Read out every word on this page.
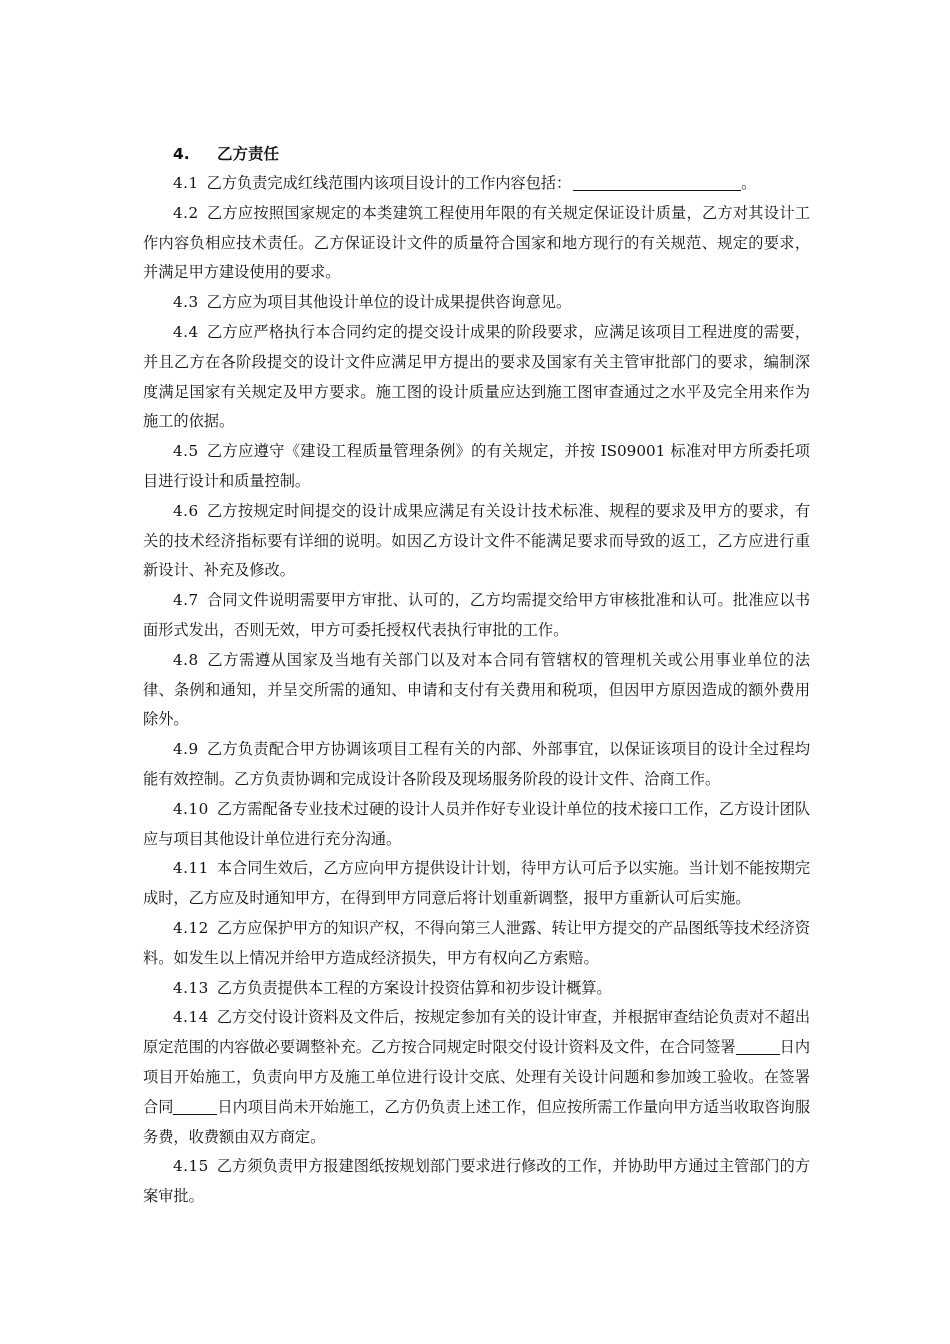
4. 乙方责任

4.1 乙方负责完成红线范围内该项目设计的工作内容包括：	。

4.2 乙方应按照国家规定的本类建筑工程使用年限的有关规定保证设计质量，乙方对其设计工作内容负相应技术责任。乙方保证设计文件的质量符合国家和地方现行的有关规范、规定的要求，并满足甲方建设使用的要求。

4.3 乙方应为项目其他设计单位的设计成果提供咨询意见。

4.4 乙方应严格执行本合同约定的提交设计成果的阶段要求，应满足该项目工程进度的需要，并且乙方在各阶段提交的设计文件应满足甲方提出的要求及国家有关主管审批部门的要求，编制深度满足国家有关规定及甲方要求。施工图的设计质量应达到施工图审查通过之水平及完全用来作为施工的依据。

4.5 乙方应遵守《建设工程质量管理条例》的有关规定，并按 IS09001 标准对甲方所委托项目进行设计和质量控制。

4.6 乙方按规定时间提交的设计成果应满足有关设计技术标准、规程的要求及甲方的要求，有关的技术经济指标要有详细的说明。如因乙方设计文件不能满足要求而导致的返工，乙方应进行重新设计、补充及修改。

4.7 合同文件说明需要甲方审批、认可的，乙方均需提交给甲方审核批准和认可。批准应以书面形式发出，否则无效，甲方可委托授权代表执行审批的工作。

4.8 乙方需遵从国家及当地有关部门以及对本合同有管辖权的管理机关或公用事业单位的法律、条例和通知，并呈交所需的通知、申请和支付有关费用和税项，但因甲方原因造成的额外费用除外。

4.9 乙方负责配合甲方协调该项目工程有关的内部、外部事宜，以保证该项目的设计全过程均能有效控制。乙方负责协调和完成设计各阶段及现场服务阶段的设计文件、洽商工作。

4.10 乙方需配备专业技术过硬的设计人员并作好专业设计单位的技术接口工作，乙方设计团队应与项目其他设计单位进行充分沟通。

4.11 本合同生效后，乙方应向甲方提供设计计划，待甲方认可后予以实施。当计划不能按期完成时，乙方应及时通知甲方，在得到甲方同意后将计划重新调整，报甲方重新认可后实施。

4.12 乙方应保护甲方的知识产权，不得向第三人泄露、转让甲方提交的产品图纸等技术经济资料。如发生以上情况并给甲方造成经济损失，甲方有权向乙方索赔。

4.13 乙方负责提供本工程的方案设计投资估算和初步设计概算。

4.14 乙方交付设计资料及文件后，按规定参加有关的设计审查，并根据审查结论负责对不超出原定范围的内容做必要调整补充。乙方按合同规定时限交付设计资料及文件，在合同签署	日内项目开始施工，负责向甲方及施工单位进行设计交底、处理有关设计问题和参加竣工验收。在签署合同	日内项目尚未开始施工，乙方仍负责上述工作，但应按所需工作量向甲方适当收取咨询服务费，收费额由双方商定。

4.15 乙方须负责甲方报建图纸按规划部门要求进行修改的工作，并协助甲方通过主管部门的方案审批。
